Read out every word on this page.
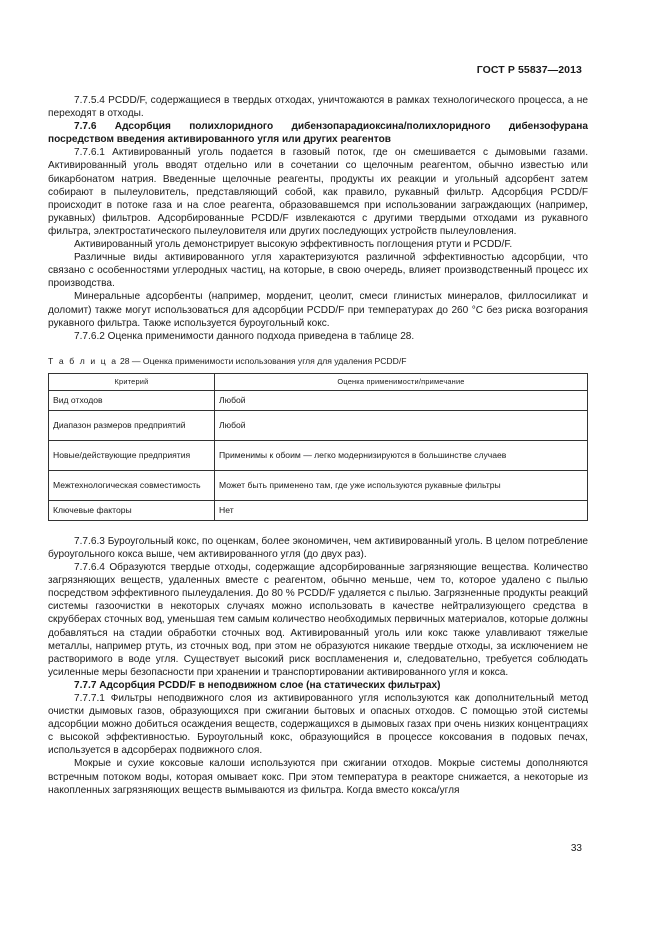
ГОСТ Р 55837—2013

7.7.5.4 PCDD/F, содержащиеся в твердых отходах, уничтожаются в рамках технологического процесса, а не переходят в отходы.

7.7.6 Адсорбция полихлоридного дибензопарадиоксина/полихлоридного дибензофурана посредством введения активированного угля или других реагентов

7.7.6.1 Активированный уголь подается в газовый поток, где он смешивается с дымовыми газами. Активированный уголь вводят отдельно или в сочетании со щелочным реагентом, обычно известью или бикарбонатом натрия. Введенные щелочные реагенты, продукты их реакции и угольный адсорбент затем собирают в пылеуловитель, представляющий собой, как правило, рукавный фильтр. Адсорбция PCDD/F происходит в потоке газа и на слое реагента, образовавшемся при использовании заграждающих (например, рукавных) фильтров. Адсорбированные PCDD/F извлекаются с другими твердыми отходами из рукавного фильтра, электростатического пылеуловителя или других последующих устройств пылеуловления.

Активированный уголь демонстрирует высокую эффективность поглощения ртути и PCDD/F.

Различные виды активированного угля характеризуются различной эффективностью адсорбции, что связано с особенностями углеродных частиц, на которые, в свою очередь, влияет производственный процесс их производства.

Минеральные адсорбенты (например, морденит, цеолит, смеси глинистых минералов, филлосиликат и доломит) также могут использоваться для адсорбции PCDD/F при температурах до 260 °С без риска возгорания рукавного фильтра. Также используется буроугольный кокс.

7.7.6.2 Оценка применимости данного подхода приведена в таблице 28.

Т а б л и ц а 28 — Оценка применимости использования угля для удаления PCDD/F
Критерий	Оценка применимости/примечание
Вид отходов	Любой
Диапазон размеров предприятий	Любой
Новые/действующие предприятия	Применимы к обоим — легко модернизируются в большинстве случаев
Межтехнологическая совместимость	Может быть применено там, где уже используются рукавные фильтры
Ключевые факторы	Нет

7.7.6.3 Буроугольный кокс, по оценкам, более экономичен, чем активированный уголь. В целом потребление буроугольного кокса выше, чем активированного угля (до двух раз).

7.7.6.4 Образуются твердые отходы, содержащие адсорбированные загрязняющие вещества. Количество загрязняющих веществ, удаленных вместе с реагентом, обычно меньше, чем то, которое удалено с пылью посредством эффективного пылеудаления. До 80 % PCDD/F удаляется с пылью. Загрязненные продукты реакций системы газоочистки в некоторых случаях можно использовать в качестве нейтрализующего средства в скрубберах сточных вод, уменьшая тем самым количество необходимых первичных материалов, которые должны добавляться на стадии обработки сточных вод. Активированный уголь или кокс также улавливают тяжелые металлы, например ртуть, из сточных вод, при этом не образуются никакие твердые отходы, за исключением не растворимого в воде угля. Существует высокий риск воспламенения и, следовательно, требуется соблюдать усиленные меры безопасности при хранении и транспортировании активированного угля и кокса.

7.7.7 Адсорбция PCDD/F в неподвижном слое (на статических фильтрах)

7.7.7.1 Фильтры неподвижного слоя из активированного угля используются как дополнительный метод очистки дымовых газов, образующихся при сжигании бытовых и опасных отходов. С помощью этой системы адсорбции можно добиться осаждения веществ, содержащихся в дымовых газах при очень низких концентрациях с высокой эффективностью. Буроугольный кокс, образующийся в процессе коксования в подовых печах, используется в адсорберах подвижного слоя.

Мокрые и сухие коксовые калоши используются при сжигании отходов. Мокрые системы дополняются встречным потоком воды, которая омывает кокс. При этом температура в реакторе снижается, а некоторые из накопленных загрязняющих веществ вымываются из фильтра. Когда вместо кокса/угля

33
